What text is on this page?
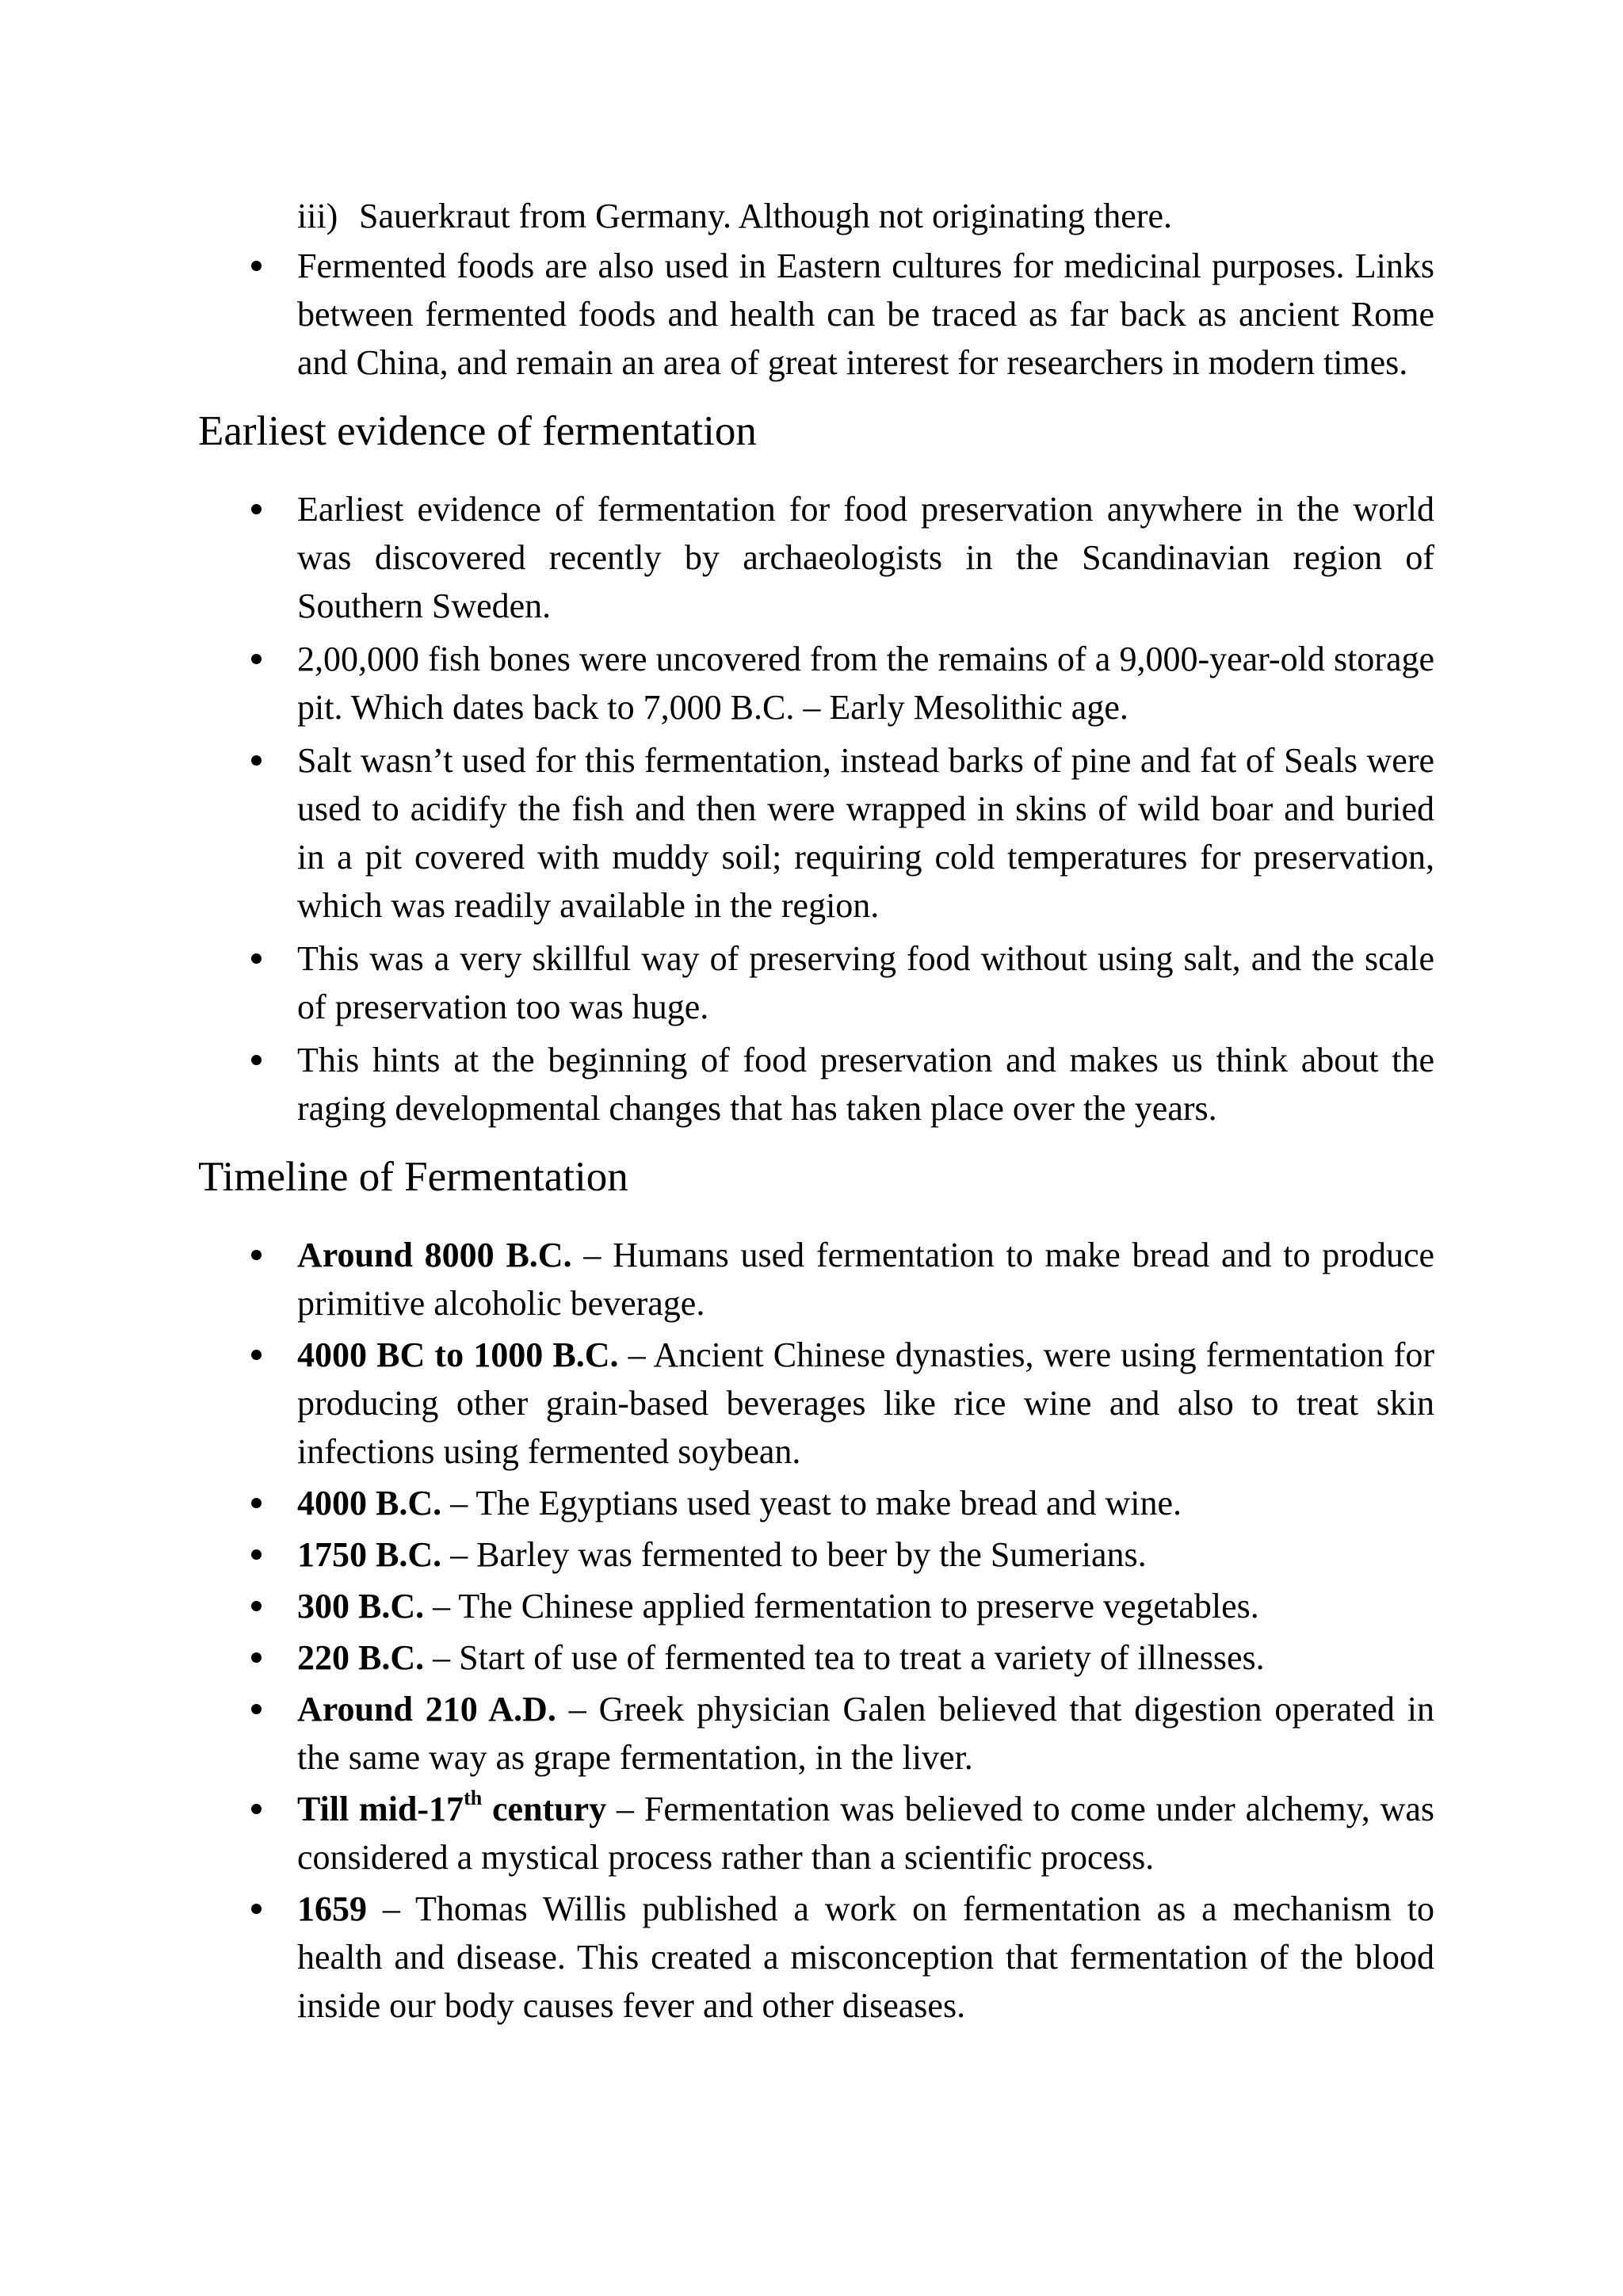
iii) Sauerkraut from Germany. Although not originating there.
Fermented foods are also used in Eastern cultures for medicinal purposes. Links between fermented foods and health can be traced as far back as ancient Rome and China, and remain an area of great interest for researchers in modern times.
Earliest evidence of fermentation
Earliest evidence of fermentation for food preservation anywhere in the world was discovered recently by archaeologists in the Scandinavian region of Southern Sweden.
2,00,000 fish bones were uncovered from the remains of a 9,000-year-old storage pit. Which dates back to 7,000 B.C. – Early Mesolithic age.
Salt wasn’t used for this fermentation, instead barks of pine and fat of Seals were used to acidify the fish and then were wrapped in skins of wild boar and buried in a pit covered with muddy soil; requiring cold temperatures for preservation, which was readily available in the region.
This was a very skillful way of preserving food without using salt, and the scale of preservation too was huge.
This hints at the beginning of food preservation and makes us think about the raging developmental changes that has taken place over the years.
Timeline of Fermentation
Around 8000 B.C. – Humans used fermentation to make bread and to produce primitive alcoholic beverage.
4000 BC to 1000 B.C. – Ancient Chinese dynasties, were using fermentation for producing other grain-based beverages like rice wine and also to treat skin infections using fermented soybean.
4000 B.C. – The Egyptians used yeast to make bread and wine.
1750 B.C. – Barley was fermented to beer by the Sumerians.
300 B.C. – The Chinese applied fermentation to preserve vegetables.
220 B.C. – Start of use of fermented tea to treat a variety of illnesses.
Around 210 A.D. – Greek physician Galen believed that digestion operated in the same way as grape fermentation, in the liver.
Till mid-17th century – Fermentation was believed to come under alchemy, was considered a mystical process rather than a scientific process.
1659 – Thomas Willis published a work on fermentation as a mechanism to health and disease. This created a misconception that fermentation of the blood inside our body causes fever and other diseases.
